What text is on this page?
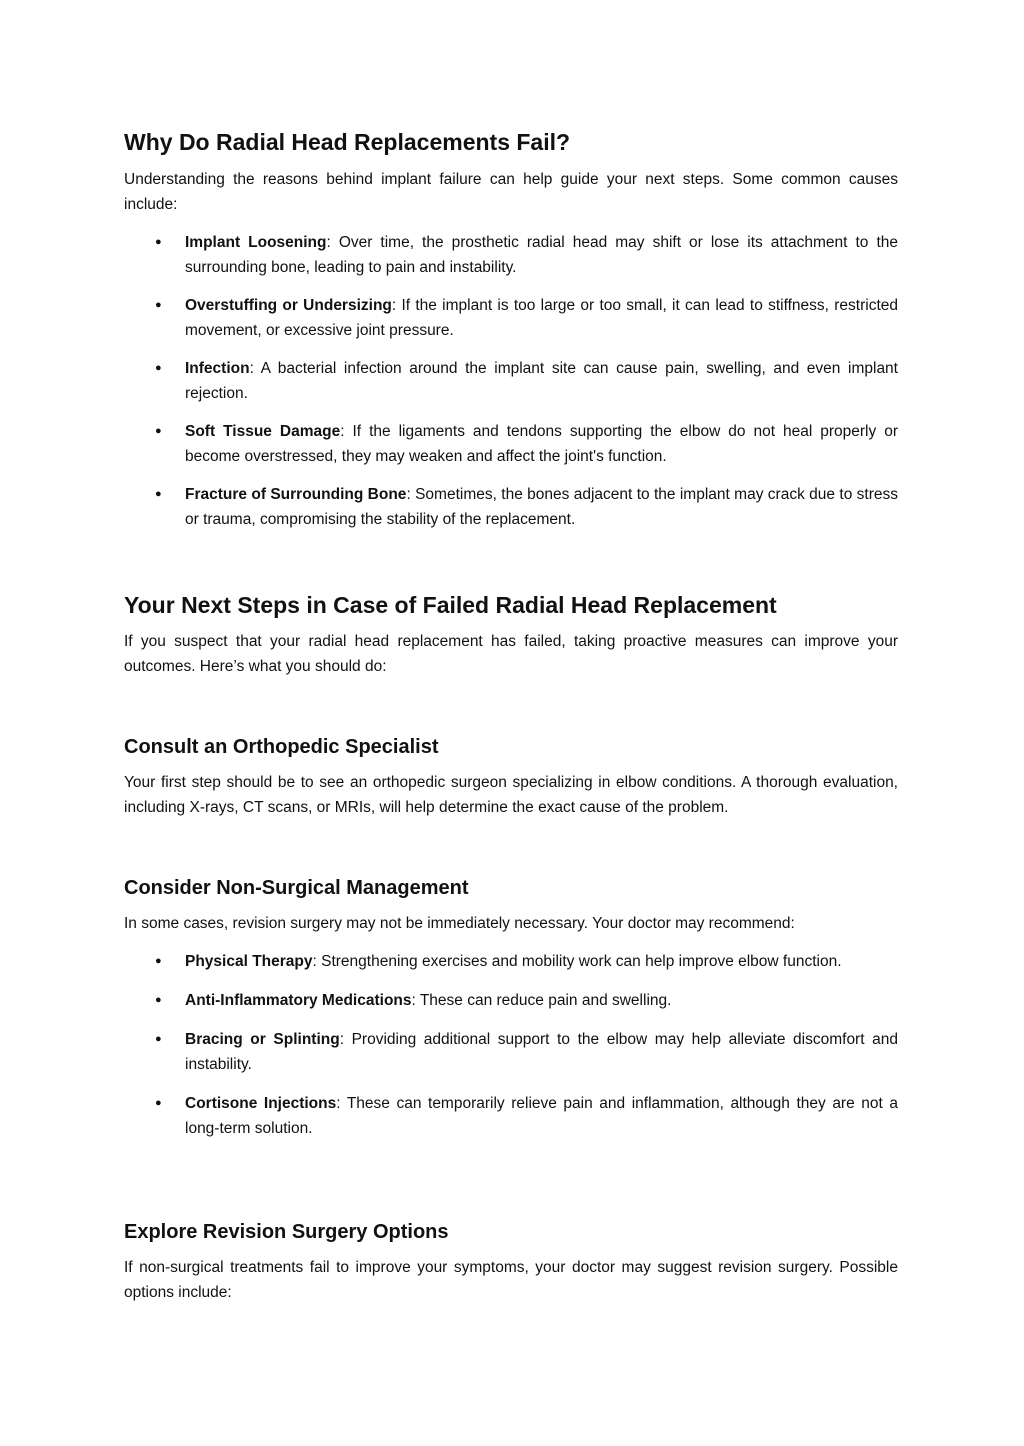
Why Do Radial Head Replacements Fail?

Understanding the reasons behind implant failure can help guide your next steps. Some common causes include:

● Implant Loosening: Over time, the prosthetic radial head may shift or lose its attachment to the surrounding bone, leading to pain and instability.
● Overstuffing or Undersizing: If the implant is too large or too small, it can lead to stiffness, restricted movement, or excessive joint pressure.
● Infection: A bacterial infection around the implant site can cause pain, swelling, and even implant rejection.
● Soft Tissue Damage: If the ligaments and tendons supporting the elbow do not heal properly or become overstressed, they may weaken and affect the joint's function.
● Fracture of Surrounding Bone: Sometimes, the bones adjacent to the implant may crack due to stress or trauma, compromising the stability of the replacement.
Your Next Steps in Case of Failed Radial Head Replacement

If you suspect that your radial head replacement has failed, taking proactive measures can improve your outcomes. Here’s what you should do:

Consult an Orthopedic Specialist

Your first step should be to see an orthopedic surgeon specializing in elbow conditions. A thorough evaluation, including X-rays, CT scans, or MRIs, will help determine the exact cause of the problem.

Consider Non-Surgical Management

In some cases, revision surgery may not be immediately necessary. Your doctor may recommend:

● Physical Therapy: Strengthening exercises and mobility work can help improve elbow function.
● Anti-Inflammatory Medications: These can reduce pain and swelling.
● Bracing or Splinting: Providing additional support to the elbow may help alleviate discomfort and instability.
● Cortisone Injections: These can temporarily relieve pain and inflammation, although they are not a long-term solution.
Explore Revision Surgery Options

If non-surgical treatments fail to improve your symptoms, your doctor may suggest revision surgery. Possible options include:
